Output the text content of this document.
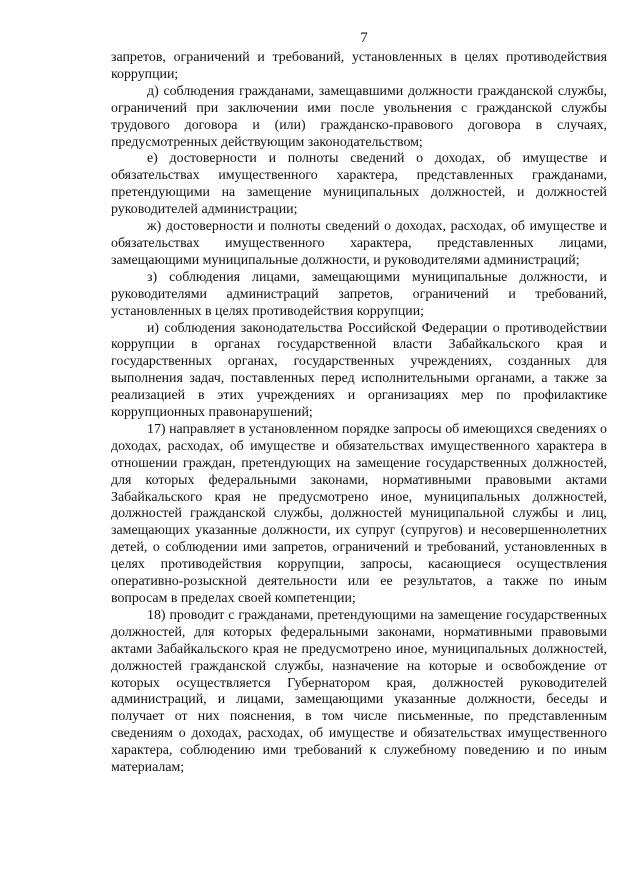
7

запретов, ограничений и требований, установленных в целях противодействия коррупции;

д) соблюдения гражданами, замещавшими должности гражданской службы, ограничений при заключении ими после увольнения с гражданской службы трудового договора и (или) гражданско-правового договора в случаях, предусмотренных действующим законодательством;

е) достоверности и полноты сведений о доходах, об имуществе и обязательствах имущественного характера, представленных гражданами, претендующими на замещение муниципальных должностей, и должностей руководителей администрации;

ж) достоверности и полноты сведений о доходах, расходах, об имуществе и обязательствах имущественного характера, представленных лицами, замещающими муниципальные должности, и руководителями администраций;

з) соблюдения лицами, замещающими муниципальные должности, и руководителями администраций запретов, ограничений и требований, установленных в целях противодействия коррупции;

и) соблюдения законодательства Российской Федерации о противодействии коррупции в органах государственной власти Забайкальского края и государственных органах, государственных учреждениях, созданных для выполнения задач, поставленных перед исполнительными органами, а также за реализацией в этих учреждениях и организациях мер по профилактике коррупционных правонарушений;

17) направляет в установленном порядке запросы об имеющихся сведениях о доходах, расходах, об имуществе и обязательствах имущественного характера в отношении граждан, претендующих на замещение государственных должностей, для которых федеральными законами, нормативными правовыми актами Забайкальского края не предусмотрено иное, муниципальных должностей, должностей гражданской службы, должностей муниципальной службы и лиц, замещающих указанные должности, их супруг (супругов) и несовершеннолетних детей, о соблюдении ими запретов, ограничений и требований, установленных в целях противодействия коррупции, запросы, касающиеся осуществления оперативно-розыскной деятельности или ее результатов, а также по иным вопросам в пределах своей компетенции;

18) проводит с гражданами, претендующими на замещение государственных должностей, для которых федеральными законами, нормативными правовыми актами Забайкальского края не предусмотрено иное, муниципальных должностей, должностей гражданской службы, назначение на которые и освобождение от которых осуществляется Губернатором края, должностей руководителей администраций, и лицами, замещающими указанные должности, беседы и получает от них пояснения, в том числе письменные, по представленным сведениям о доходах, расходах, об имуществе и обязательствах имущественного характера, соблюдению ими требований к служебному поведению и по иным материалам;
